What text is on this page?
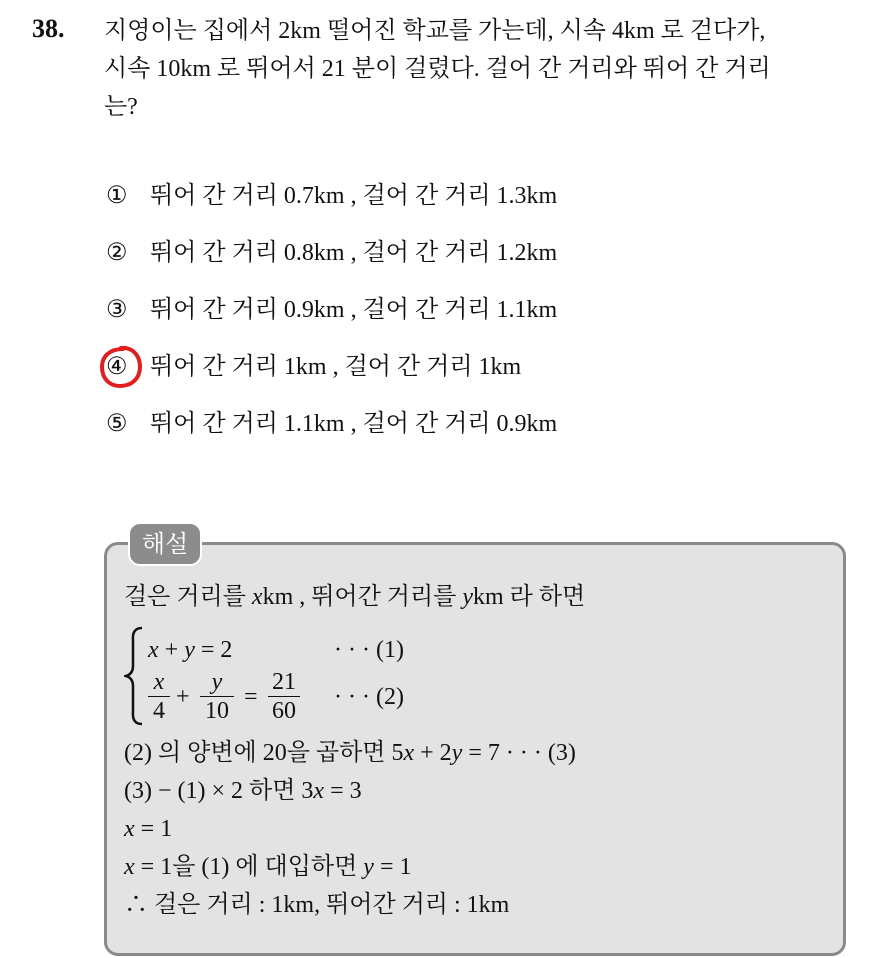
38. 지영이는 집에서 2km 떨어진 학교를 가는데, 시속 4km 로 걷다가,
시속 10km 로 뛰어서 21 분이 걸렸다. 걸어 간 거리와 뛰어 간 거리
는?
① 뛰어 간 거리 0.7km , 걸어 간 거리 1.3km
② 뛰어 간 거리 0.8km , 걸어 간 거리 1.2km
③ 뛰어 간 거리 0.9km , 걸어 간 거리 1.1km
④ 뛰어 간 거리 1km , 걸어 간 거리 1km
⑤ 뛰어 간 거리 1.1km , 걸어 간 거리 0.9km
해설
걸은 거리를 xkm , 뛰어간 거리를 ykm 라 하면
x + y = 2	· · · (1)
x
4
+
y
10
=
21
60
· · · (2)
(2) 의 양변에 20을 곱하면 5x + 2y = 7 · · · (3)
(3) − (1) × 2 하면 3x = 3
x = 1
x = 1을 (1) 에 대입하면 y = 1
∴ 걸은 거리 : 1km, 뛰어간 거리 : 1km
